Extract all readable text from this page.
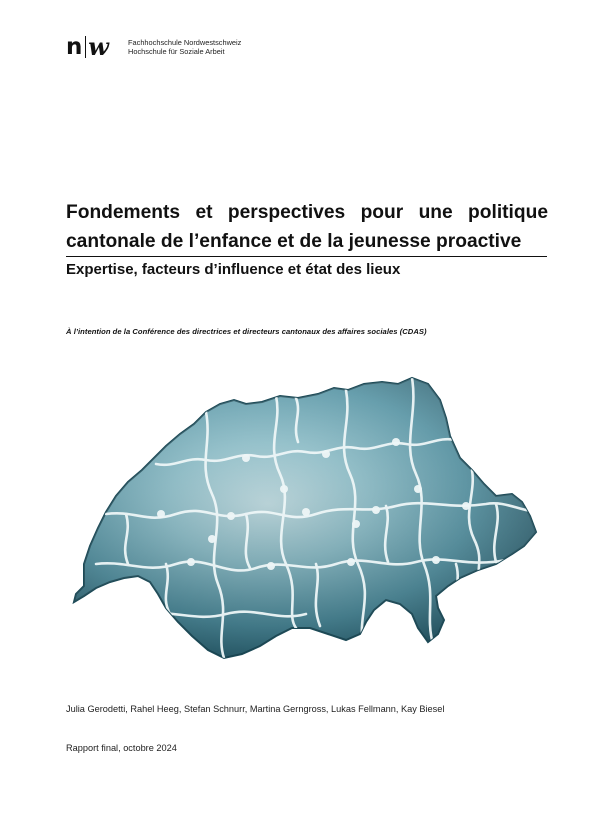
n w	Fachhochschule Nordwestschweiz
Hochschule für Soziale Arbeit
Fondements et perspectives pour une politique cantonale de l’enfance et de la jeunesse proactive
Expertise, facteurs d’influence et état des lieux
À l’intention de la Conférence des directrices et directeurs cantonaux des affaires sociales (CDAS)
Julia Gerodetti, Rahel Heeg, Stefan Schnurr, Martina Gerngross, Lukas Fellmann, Kay Biesel
Rapport final, octobre 2024
